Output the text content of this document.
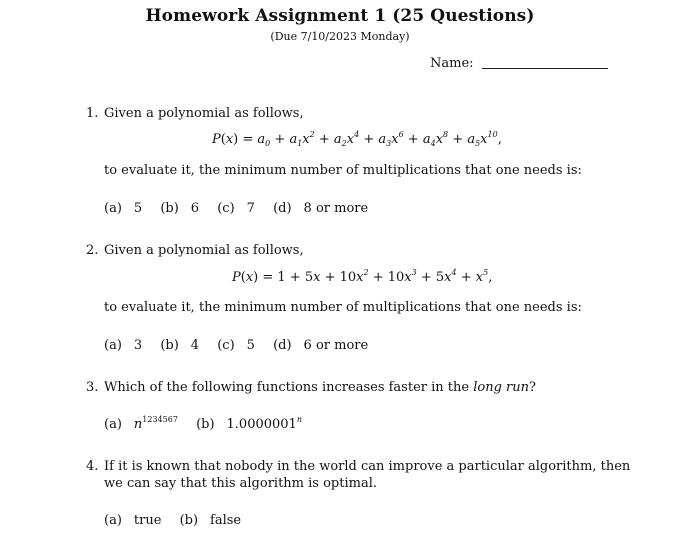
Homework Assignment 1 (25 Questions)
(Due 7/10/2023 Monday)
Name:
1. Given a polynomial as follows,
$P(x) = a_0 + a_1x^2 + a_2x^4 + a_3x^6 + a_4x^8 + a_5x^{10}$,
to evaluate it, the minimum number of multiplications that one needs is:
(a) 5 (b) 6 (c) 7 (d) 8 or more
2. Given a polynomial as follows,
$P(x) = 1 + 5x + 10x^2 + 10x^3 + 5x^4 + x^5$,
to evaluate it, the minimum number of multiplications that one needs is:
(a) 3 (b) 4 (c) 5 (d) 6 or more
3. Which of the following functions increases faster in the long run?
(a) $n^{1234567}$ (b) 1.0000001$^n$
4. If it is known that nobody in the world can improve a particular algorithm, then
we can say that this algorithm is optimal.
(a) true (b) false
